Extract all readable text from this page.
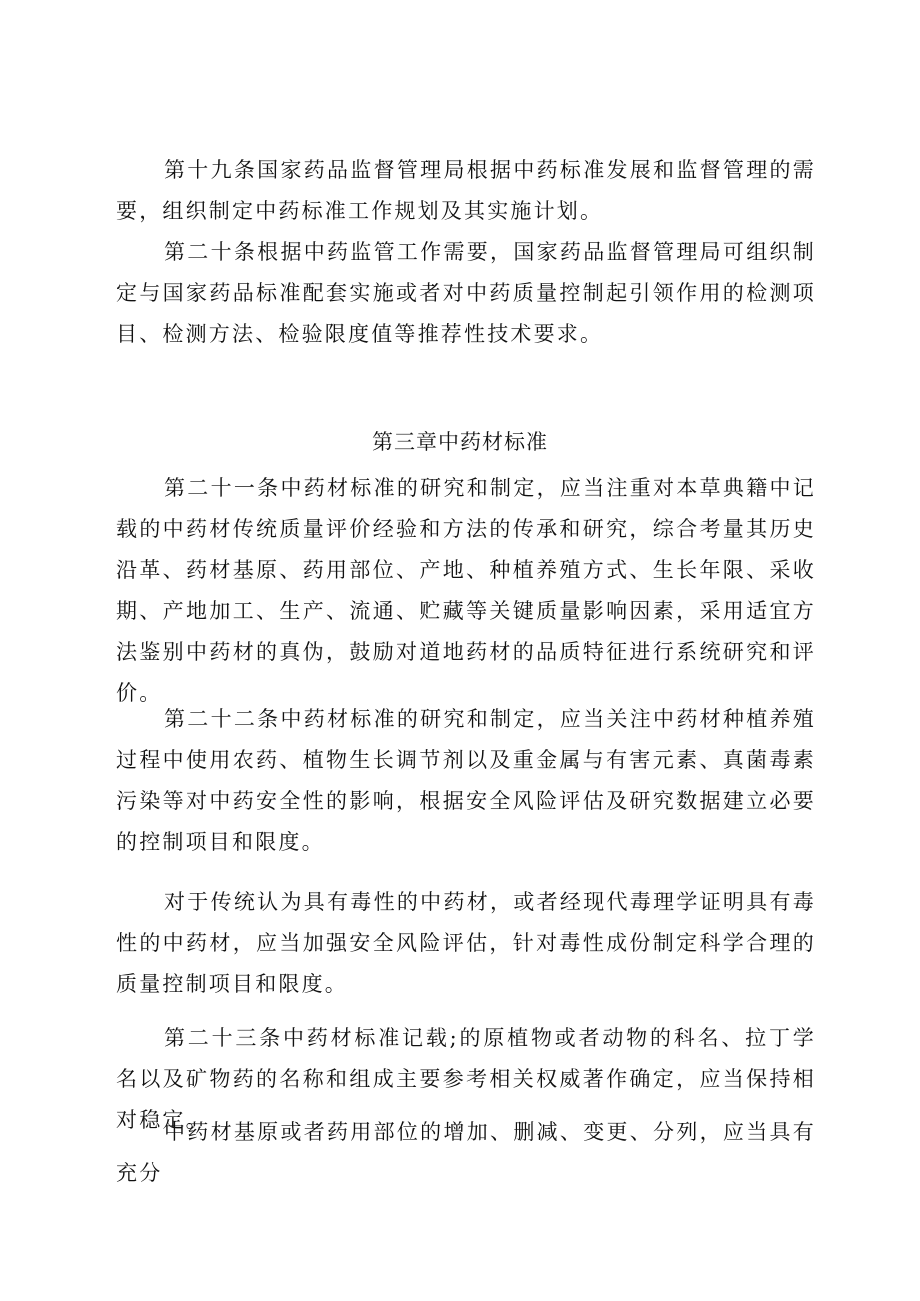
第十九条国家药品监督管理局根据中药标准发展和监督管理的需要，组织制定中药标准工作规划及其实施计划。

第二十条根据中药监管工作需要，国家药品监督管理局可组织制定与国家药品标准配套实施或者对中药质量控制起引领作用的检测项目、检测方法、检验限度值等推荐性技术要求。

第三章中药材标准

第二十一条中药材标准的研究和制定，应当注重对本草典籍中记载的中药材传统质量评价经验和方法的传承和研究，综合考量其历史沿革、药材基原、药用部位、产地、种植养殖方式、生长年限、采收期、产地加工、生产、流通、贮藏等关键质量影响因素，采用适宜方法鉴别中药材的真伪，鼓励对道地药材的品质特征进行系统研究和评价。

第二十二条中药材标准的研究和制定，应当关注中药材种植养殖过程中使用农药、植物生长调节剂以及重金属与有害元素、真菌毒素污染等对中药安全性的影响，根据安全风险评估及研究数据建立必要的控制项目和限度。

对于传统认为具有毒性的中药材，或者经现代毒理学证明具有毒性的中药材，应当加强安全风险评估，针对毒性成份制定科学合理的质量控制项目和限度。

第二十三条中药材标准记载;的原植物或者动物的科名、拉丁学名以及矿物药的名称和组成主要参考相关权威著作确定，应当保持相对稳定。

中药材基原或者药用部位的增加、删减、变更、分列，应当具有充分
